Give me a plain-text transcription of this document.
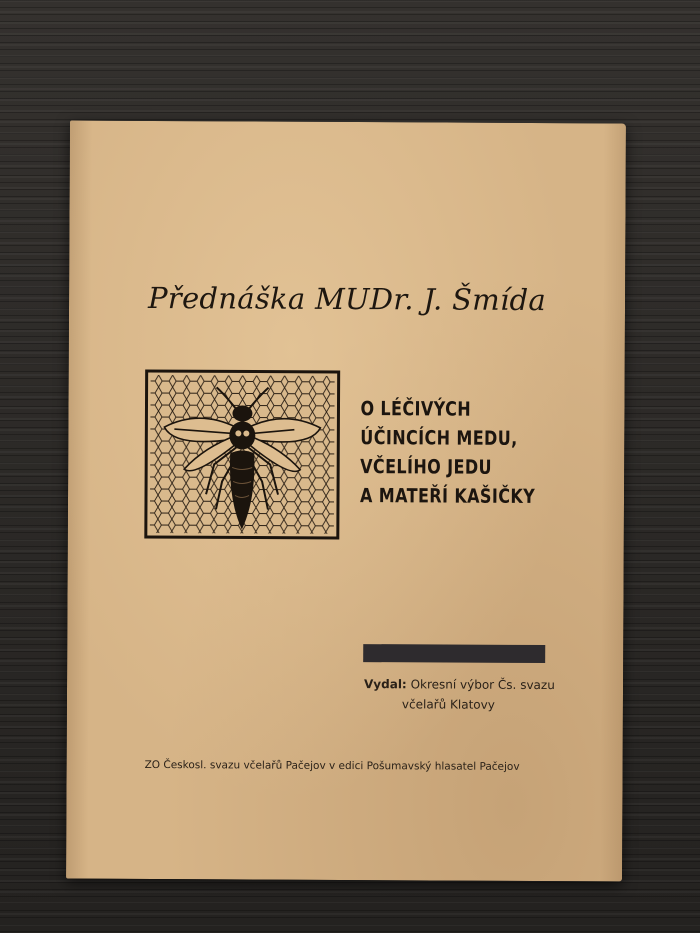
Přednáška MUDr. J. Šmída
O LÉČIVÝCH
ÚČINCÍCH MEDU,
VČELÍHO JEDU
A MATEŘÍ KAŠIČKY
Vydal: Okresní výbor Čs. svazu
včelařů Klatovy
ZO Českosl. svazu včelařů Pačejov v edici Pošumavský hlasatel Pačejov
